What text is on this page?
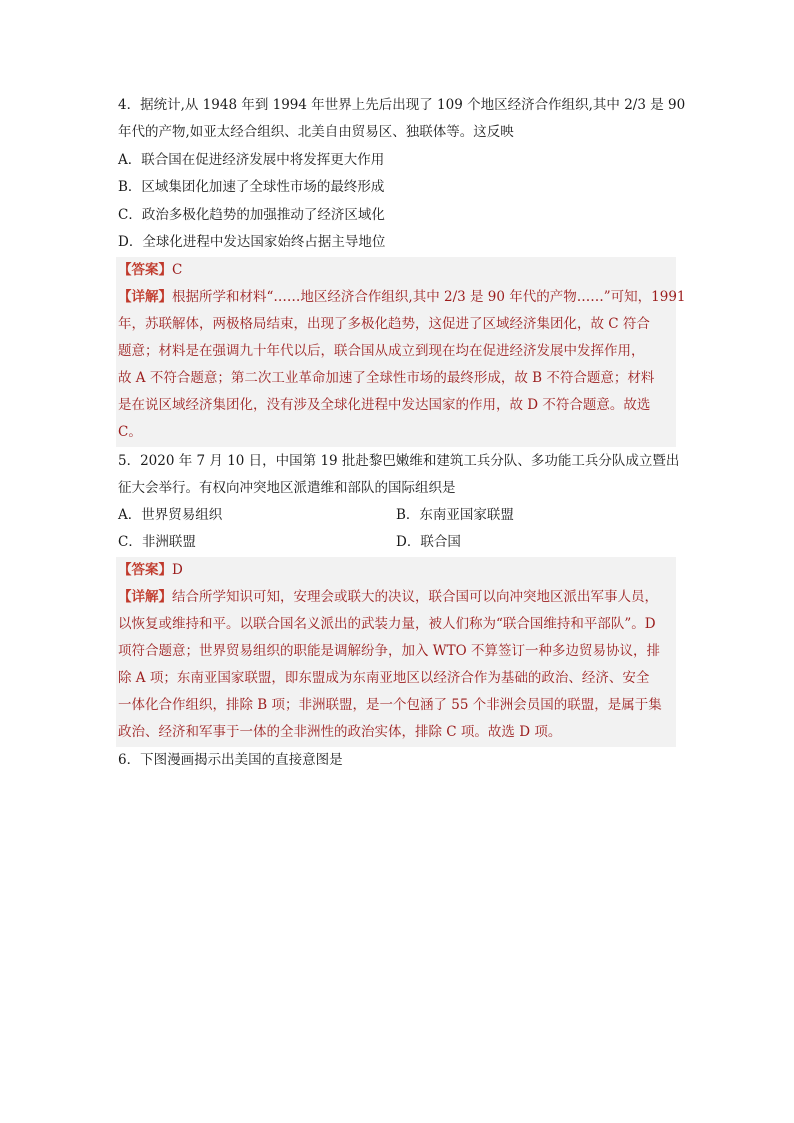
4．据统计,从 1948 年到 1994 年世界上先后出现了 109 个地区经济合作组织,其中 2/3 是 90
年代的产物,如亚太经合组织、北美自由贸易区、独联体等。这反映
A．联合国在促进经济发展中将发挥更大作用
B．区域集团化加速了全球性市场的最终形成
C．政治多极化趋势的加强推动了经济区域化
D．全球化进程中发达国家始终占据主导地位
【答案】C
【详解】根据所学和材料“……地区经济合作组织,其中 2/3 是 90 年代的产物……”可知，1991
年，苏联解体，两极格局结束，出现了多极化趋势，这促进了区域经济集团化，故 C 符合
题意；材料是在强调九十年代以后，联合国从成立到现在均在促进经济发展中发挥作用，
故 A 不符合题意；第二次工业革命加速了全球性市场的最终形成，故 B 不符合题意；材料
是在说区域经济集团化，没有涉及全球化进程中发达国家的作用，故 D 不符合题意。故选
C。
5．2020 年 7 月 10 日，中国第 19 批赴黎巴嫩维和建筑工兵分队、多功能工兵分队成立暨出
征大会举行。有权向冲突地区派遣维和部队的国际组织是
A．世界贸易组织	B．东南亚国家联盟
C．非洲联盟	D．联合国
【答案】D
【详解】结合所学知识可知，安理会或联大的决议，联合国可以向冲突地区派出军事人员，
以恢复或维持和平。以联合国名义派出的武装力量，被人们称为“联合国维持和平部队”。D
项符合题意；世界贸易组织的职能是调解纷争，加入 WTO 不算签订一种多边贸易协议，排
除 A 项；东南亚国家联盟，即东盟成为东南亚地区以经济合作为基础的政治、经济、安全
一体化合作组织，排除 B 项；非洲联盟，是一个包涵了 55 个非洲会员国的联盟，是属于集
政治、经济和军事于一体的全非洲性的政治实体，排除 C 项。故选 D 项。
6．下图漫画揭示出美国的直接意图是
